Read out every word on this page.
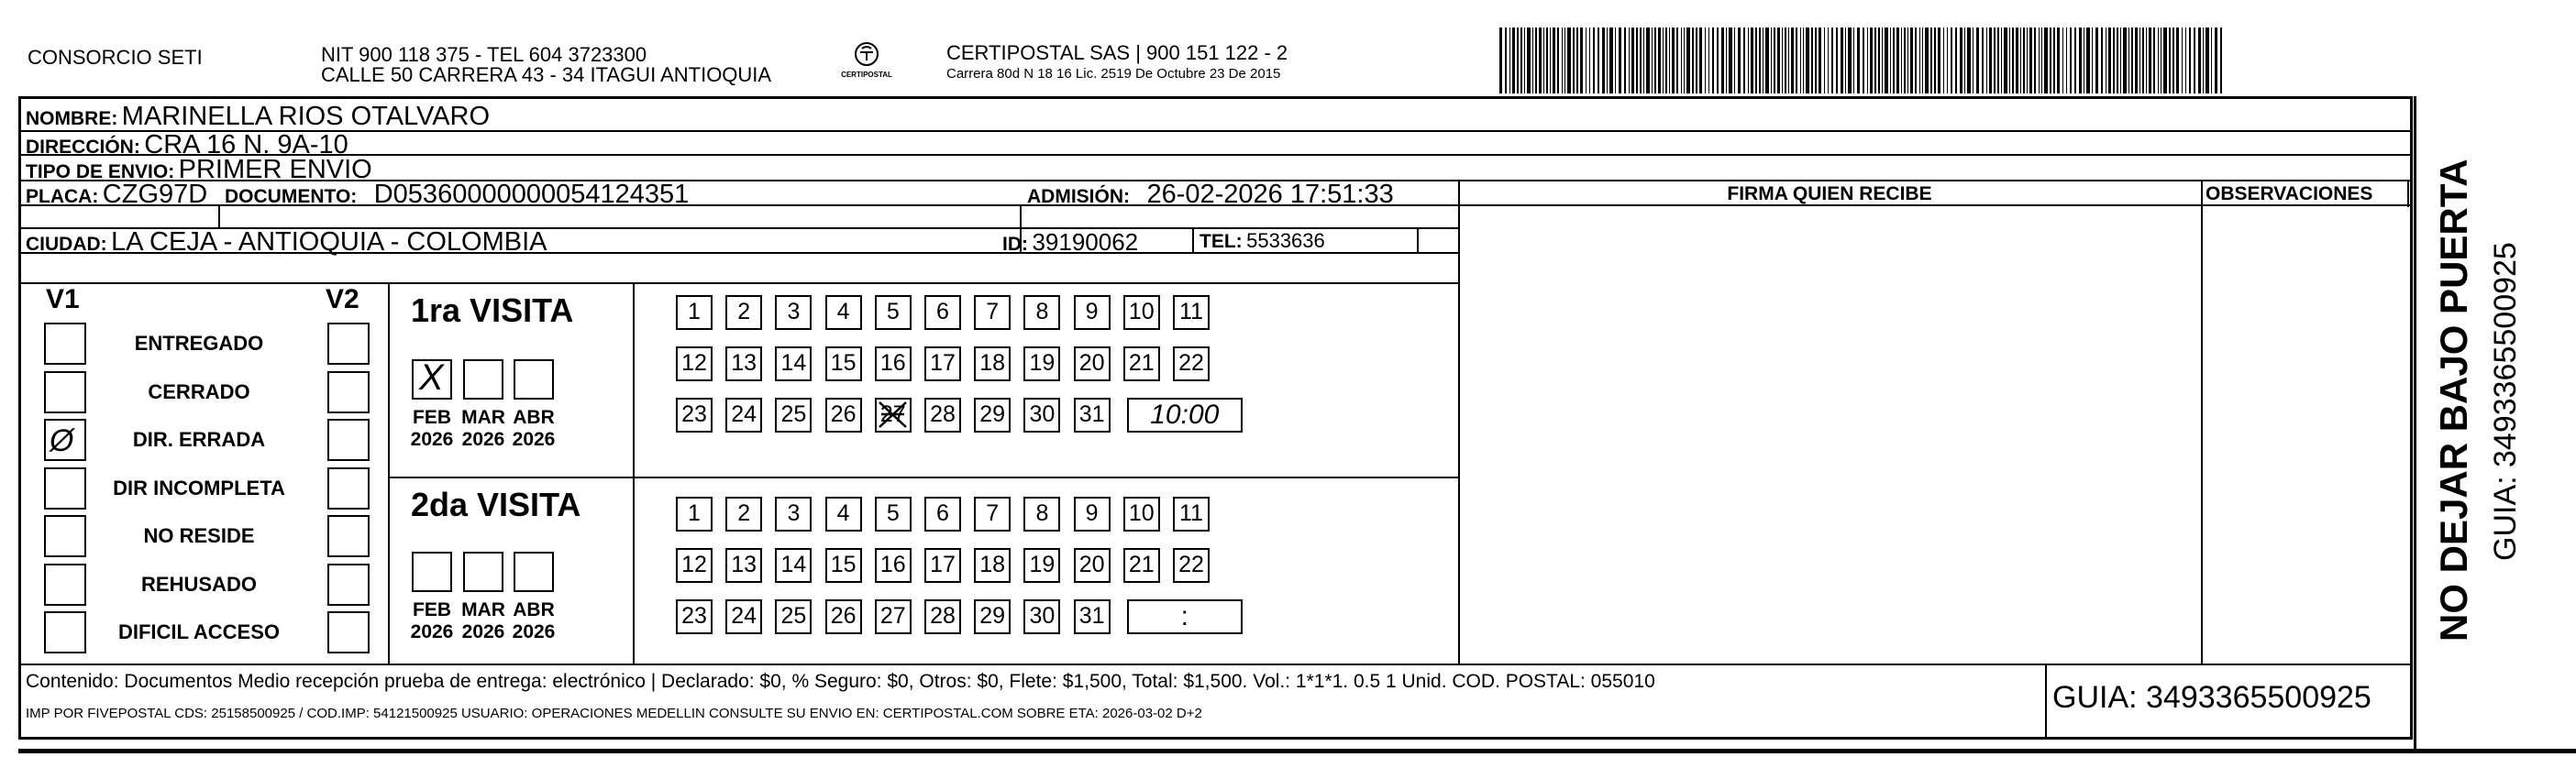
CONSORCIO SETI	NIT 900 118 375 - TEL 604 3723300
CALLE 50 CARRERA 43 - 34 ITAGUI ANTIOQUIA	CERTIPOSTAL
CERTIPOSTAL SAS | 900 151 122 - 2
Carrera 80d N 18 16 Lic. 2519 De Octubre 23 De 2015
NOMBRE: MARINELLA RIOS OTALVARO
DIRECCIÓN: CRA 16 N. 9A-10
TIPO DE ENVIO: PRIMER ENVIO
FIRMA QUIEN RECIBE	OBSERVACIONES
PLACA: CZG97D DOCUMENTO: D05360000000054124351	ADMISIÓN: 26-02-2026 17:51:33
CIUDAD: LA CEJA - ANTIOQUIA - COLOMBIA	ID: 39190062	TEL: 5533636
V1	V2
ENTREGADO
CERRADO
Ø	DIR. ERRADA
DIR INCOMPLETA
NO RESIDE
REHUSADO
DIFICIL ACCESO
1ra VISITA
X
FEB
2026
MAR
2026
ABR
2026
1	2	3	4	5	6	7	8	9	10 11
12 13 14 15 16 17 18 19 20 21 22
23 24 25 26 27 28 29 30 31	10:00
2da VISITA
FEB
2026
MAR
2026
ABR
2026
1	2	3	4	5	6	7	8	9	10 11
12 13 14 15 16 17 18 19 20 21 22
23 24 25 26 27 28 29 30 31	:
Contenido: Documentos Medio recepción prueba de entrega: electrónico | Declarado: $0, % Seguro: $0, Otros: $0, Flete: $1,500, Total: $1,500. Vol.: 1*1*1. 0.5 1 Unid. COD. POSTAL: 055010
IMP POR FIVEPOSTAL CDS: 25158500925 / COD.IMP: 54121500925 USUARIO: OPERACIONES MEDELLIN CONSULTE SU ENVIO EN: CERTIPOSTAL.COM SOBRE ETA: 2026-03-02 D+2	GUIA: 3493365500925
NO DEJAR BAJO PUERTA GUIA: 3493365500925
